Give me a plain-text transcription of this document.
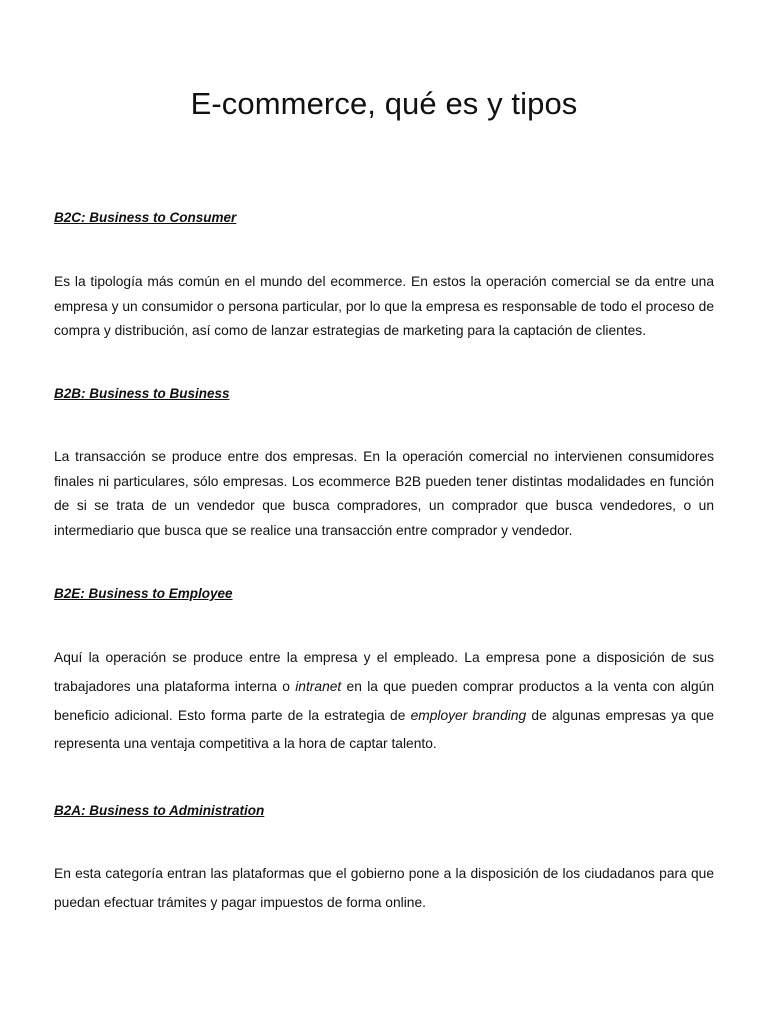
E-commerce, qué es y tipos
B2C: Business to Consumer

Es la tipología más común en el mundo del ecommerce. En estos la operación comercial se da entre una empresa y un consumidor o persona particular, por lo que la empresa es responsable de todo el proceso de compra y distribución, así como de lanzar estrategias de marketing para la captación de clientes.

B2B: Business to Business

La transacción se produce entre dos empresas. En la operación comercial no intervienen consumidores finales ni particulares, sólo empresas. Los ecommerce B2B pueden tener distintas modalidades en función de si se trata de un vendedor que busca compradores, un comprador que busca vendedores, o un intermediario que busca que se realice una transacción entre comprador y vendedor.

B2E: Business to Employee

Aquí la operación se produce entre la empresa y el empleado. La empresa pone a disposición de sus trabajadores una plataforma interna o intranet en la que pueden comprar productos a la venta con algún beneficio adicional. Esto forma parte de la estrategia de employer branding de algunas empresas ya que representa una ventaja competitiva a la hora de captar talento.

B2A: Business to Administration

En esta categoría entran las plataformas que el gobierno pone a la disposición de los ciudadanos para que puedan efectuar trámites y pagar impuestos de forma online.
